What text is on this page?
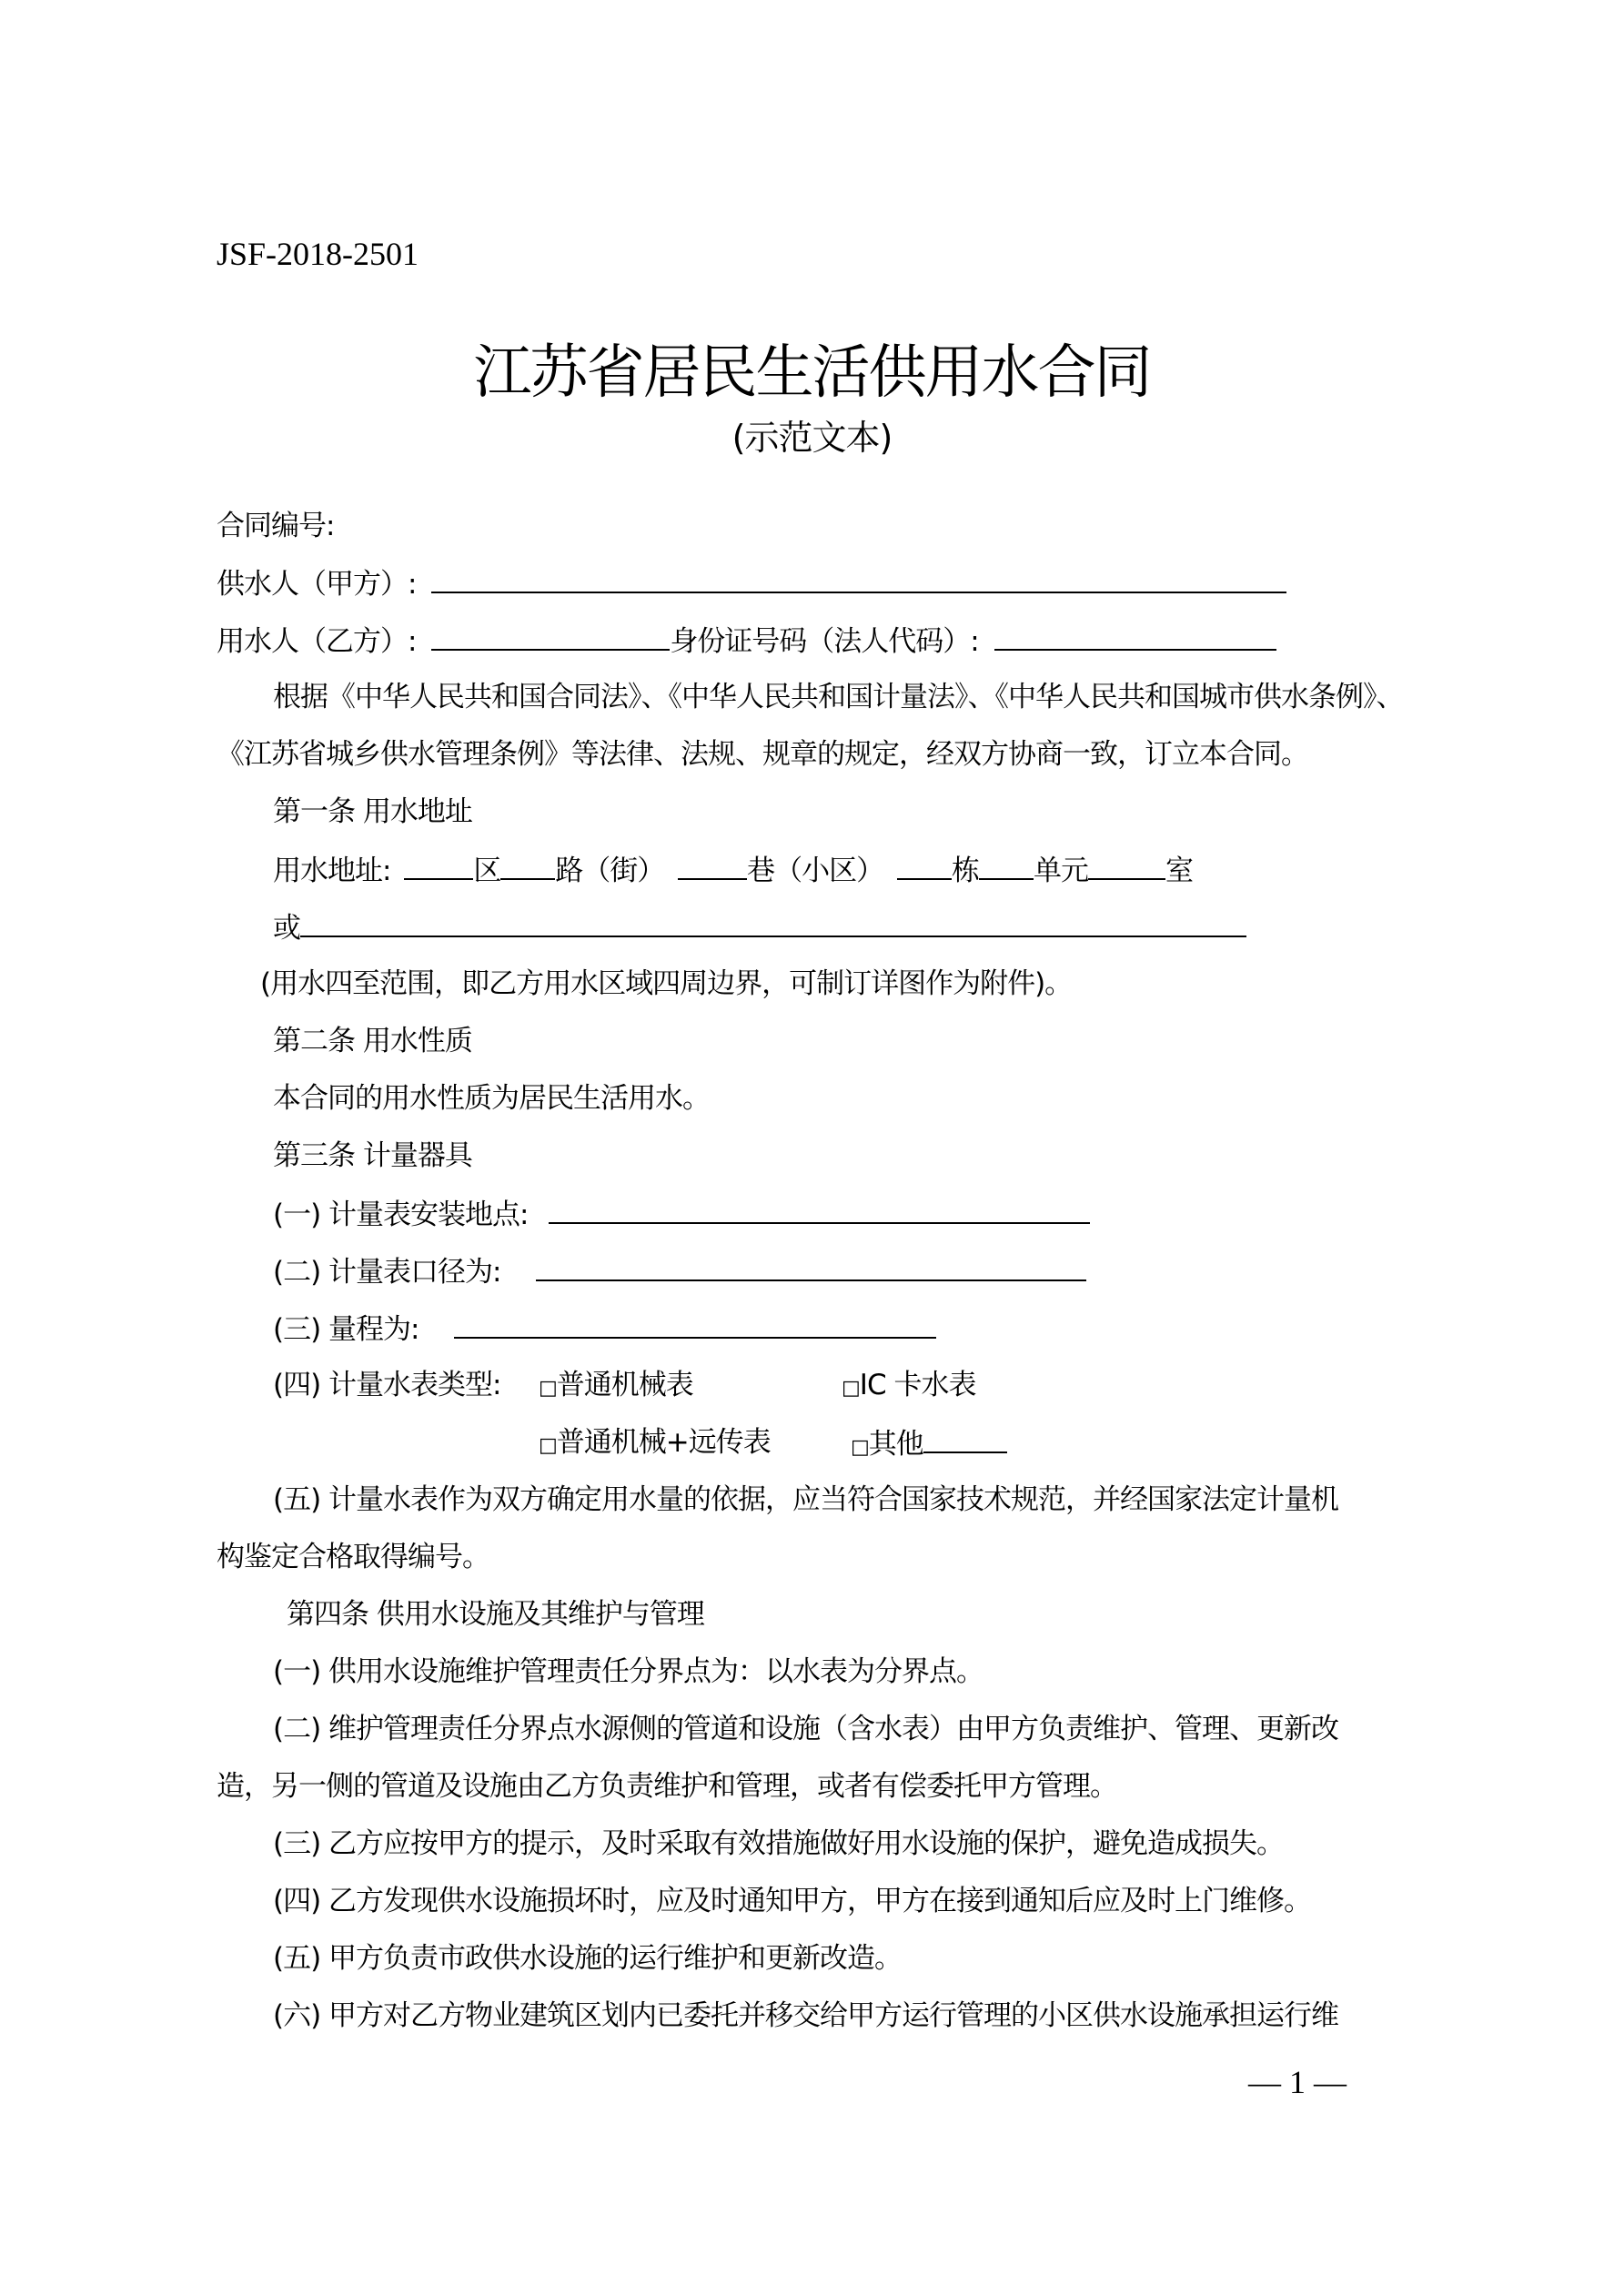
JSF-2018-2501
江苏省居民生活供用水合同
(示范文本)
合同编号:
供水人（甲方）:
用水人（乙方）:	身份证号码（法人代码）:
根据《中华人民共和国合同法》、《中华人民共和国计量法》、《中华人民共和国城市供水条例》、
《江苏省城乡供水管理条例》等法律、法规、规章的规定，经双方协商一致，订立本合同。
第一条 用水地址
用水地址:	区 路（街）	巷（小区） 栋 单元	室
或
(用水四至范围，即乙方用水区域四周边界，可制订详图作为附件)。
第二条 用水性质
本合同的用水性质为居民生活用水。
第三条 计量器具
(一) 计量表安装地点:
(二) 计量表口径为:
(三) 量程为:
(四) 计量水表类型: □普通机械表	□IC 卡水表
□普通机械+远传表	□其他
(五) 计量水表作为双方确定用水量的依据，应当符合国家技术规范，并经国家法定计量机
构鉴定合格取得编号。
第四条 供用水设施及其维护与管理
(一) 供用水设施维护管理责任分界点为：以水表为分界点。
(二) 维护管理责任分界点水源侧的管道和设施（含水表）由甲方负责维护、管理、更新改
造，另一侧的管道及设施由乙方负责维护和管理，或者有偿委托甲方管理。
(三) 乙方应按甲方的提示，及时采取有效措施做好用水设施的保护，避免造成损失。
(四) 乙方发现供水设施损坏时，应及时通知甲方，甲方在接到通知后应及时上门维修。
(五) 甲方负责市政供水设施的运行维护和更新改造。
(六) 甲方对乙方物业建筑区划内已委托并移交给甲方运行管理的小区供水设施承担运行维
— 1 —
